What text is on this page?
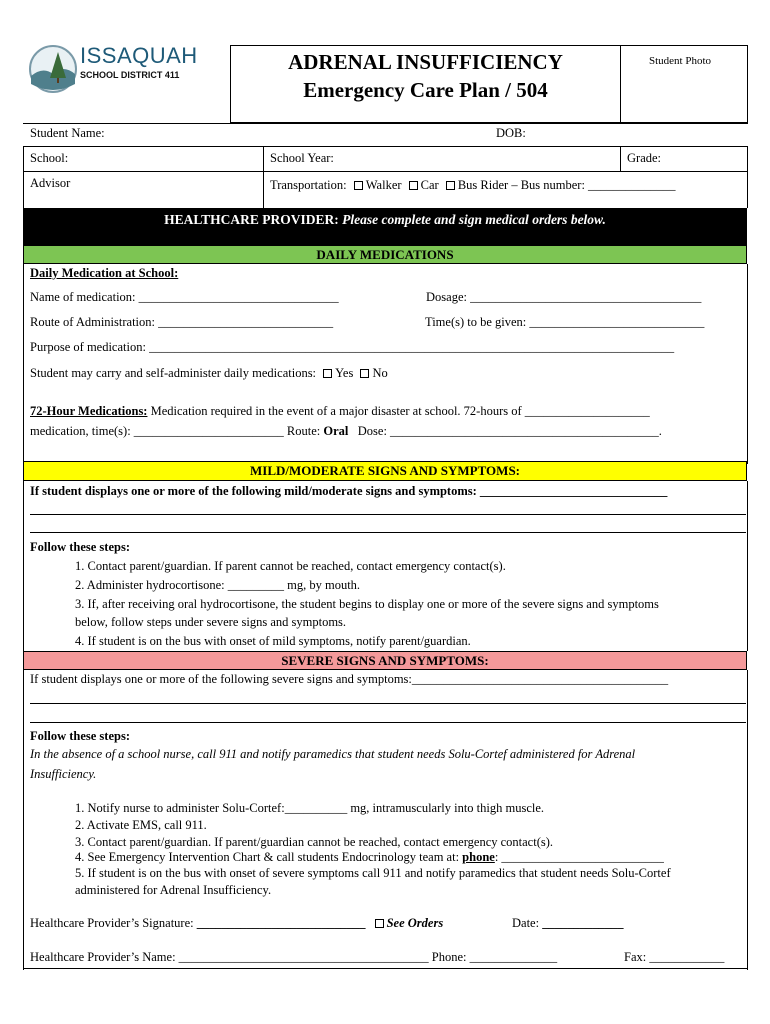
ISSAQUAH
SCHOOL DISTRICT 411
ADRENAL INSUFFICIENCY
Emergency Care Plan / 504
Student Photo
Student Name:	DOB:
School:	School Year:	Grade:
Advisor	Transportation: Walker Car Bus Rider – Bus number: ______________
HEALTHCARE PROVIDER: Please complete and sign medical orders below.
DAILY MEDICATIONS
Daily Medication at School:
Name of medication: ________________________________	Dosage: _____________________________________
Route of Administration: ____________________________	Time(s) to be given: ____________________________
Purpose of medication: ____________________________________________________________________________________
Student may carry and self-administer daily medications: Yes No
72-Hour Medications: Medication required in the event of a major disaster at school. 72-hours of ____________________
medication, time(s): ________________________ Route: Oral   Dose: ___________________________________________.
MILD/MODERATE SIGNS AND SYMPTOMS:
If student displays one or more of the following mild/moderate signs and symptoms: ______________________________
Follow these steps:
1. Contact parent/guardian. If parent cannot be reached, contact emergency contact(s).
2. Administer hydrocortisone: _________ mg, by mouth.
3. If, after receiving oral hydrocortisone, the student begins to display one or more of the severe signs and symptoms
below, follow steps under severe signs and symptoms.
4. If student is on the bus with onset of mild symptoms, notify parent/guardian.
SEVERE SIGNS AND SYMPTOMS:
If student displays one or more of the following severe signs and symptoms:_________________________________________
Follow these steps:
In the absence of a school nurse, call 911 and notify paramedics that student needs Solu-Cortef administered for Adrenal
Insufficiency.
1. Notify nurse to administer Solu-Cortef:__________ mg, intramuscularly into thigh muscle.
2. Activate EMS, call 911.
3. Contact parent/guardian. If parent/guardian cannot be reached, contact emergency contact(s).
4. See Emergency Intervention Chart & call students Endocrinology team at: phone: __________________________
5. If student is on the bus with onset of severe symptoms call 911 and notify paramedics that student needs Solu-Cortef
administered for Adrenal Insufficiency.
Healthcare Provider’s Signature: ___________________________ See Orders	Date: _____________
Healthcare Provider’s Name: ________________________________________ Phone: ______________	Fax: ____________
